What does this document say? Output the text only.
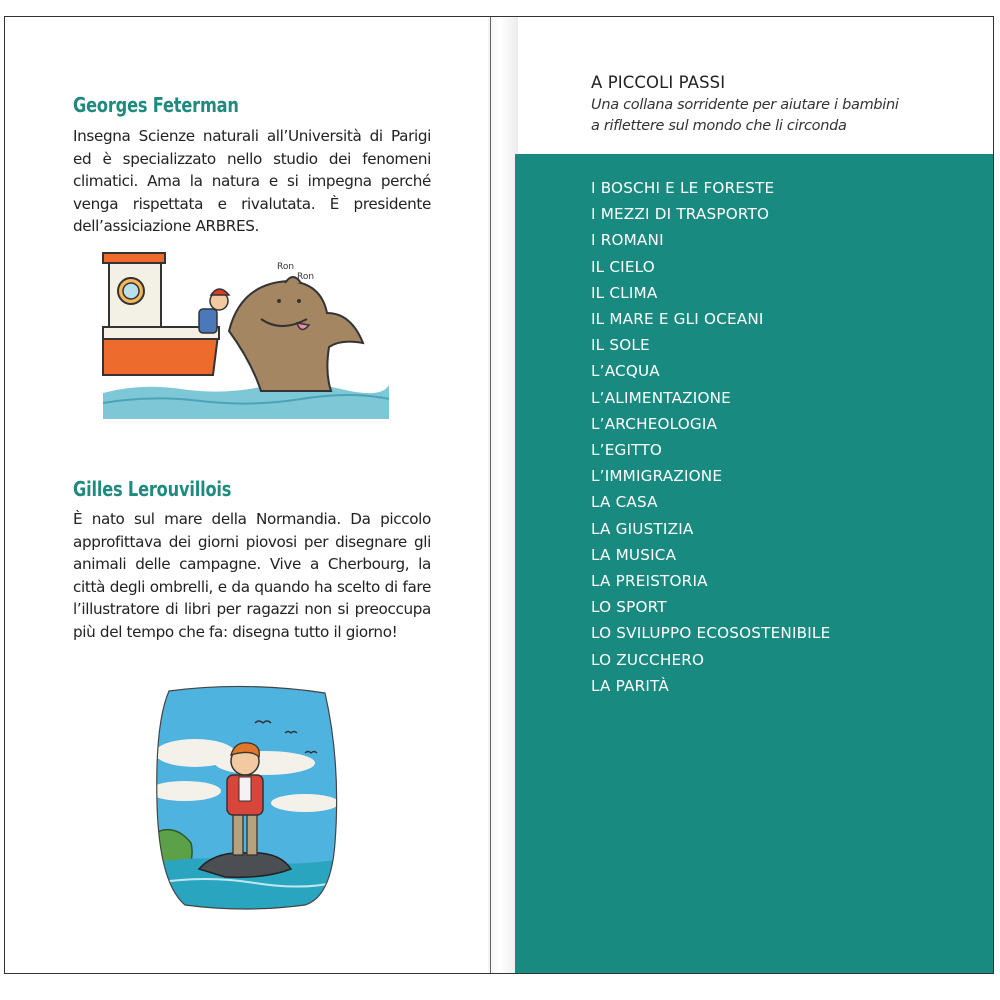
Georges Feterman
Insegna Scienze naturali all’Università di Parigi ed è specializzato nello studio dei fenomeni climatici. Ama la natura e si impegna perché venga rispettata e rivalutata. È presidente dell’assiciazione ARBRES.
Ron
Ron
Gilles Lerouvillois
È nato sul mare della Normandia. Da piccolo approfittava dei giorni piovosi per disegnare gli animali delle campagne. Vive a Cherbourg, la città degli ombrelli, e da quando ha scelto di fare l’illustratore di libri per ragazzi non si preoccupa più del tempo che fa: disegna tutto il giorno!
A PICCOLI PASSI
Una collana sorridente per aiutare i bambini
a riflettere sul mondo che li circonda
I BOSCHI E LE FORESTE
I MEZZI DI TRASPORTO
I ROMANI
IL CIELO
IL CLIMA
IL MARE E GLI OCEANI
IL SOLE
L’ACQUA
L’ALIMENTAZIONE
L’ARCHEOLOGIA
L’EGITTO
L’IMMIGRAZIONE
LA CASA
LA GIUSTIZIA
LA MUSICA
LA PREISTORIA
LO SPORT
LO SVILUPPO ECOSOSTENIBILE
LO ZUCCHERO
LA PARITÀ
